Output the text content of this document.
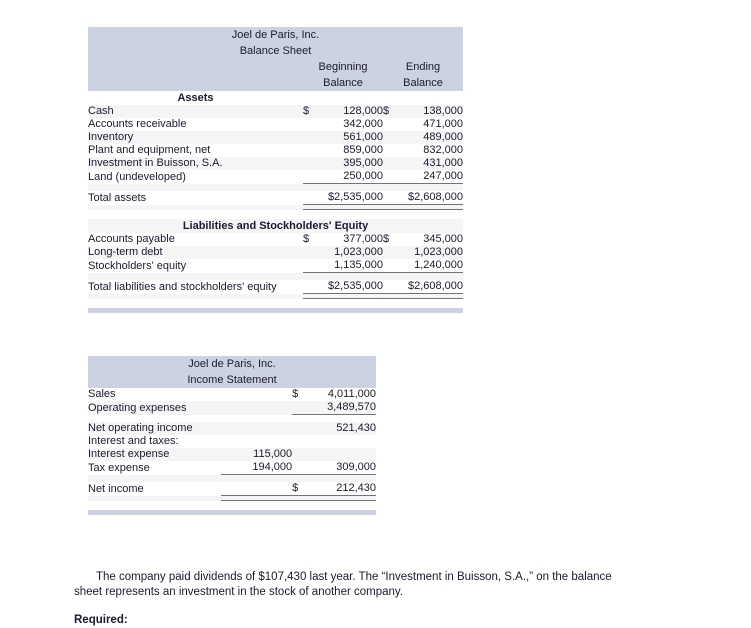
Joel de Paris, Inc.				
Balance Sheet				
	Beginning		Ending	
	Balance		Balance	
Assets				
Cash	$	128,000	$	138,000
Accounts receivable		342,000		471,000
Inventory		561,000		489,000
Plant and equipment, net		859,000		832,000
Investment in Buisson, S.A.		395,000		431,000
Land (undeveloped)		250,000		247,000

Total assets	$2,535,000		$2,608,000	

Liabilities and Stockholders' Equity				
Accounts payable	$	377,000	$	345,000
Long-term debt		1,023,000		1,023,000
Stockholders' equity		1,135,000		1,240,000

Total liabilities and stockholders' equity	$2,535,000		$2,608,000	

Joel de Paris, Inc.			
Income Statement			
Sales		$	4,011,000
Operating expenses			3,489,570

Net operating income			521,430
Interest and taxes:			
Interest expense	115,000		
Tax expense	194,000		309,000

Net income		$	212,430

The company paid dividends of $107,430 last year. The “Investment in Buisson, S.A.,” on the balance sheet represents an investment in the stock of another company.

Required:
